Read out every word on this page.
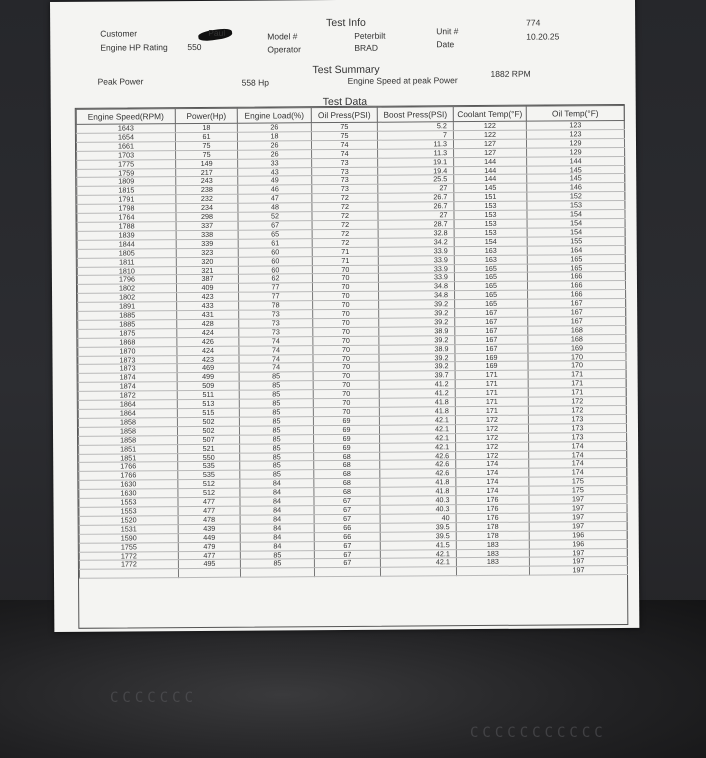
CCCCCCC
CCCCCCCCCCC
Test Info
Customer	Paul
Engine HP Rating 550
Model #	Peterbilt
Operator	BRAD
Unit #
Date
774
10.20.25
Test Summary
Peak Power	558 Hp	Engine Speed at peak Power
1882 RPM
Test Data
Engine Speed(RPM)	Power(Hp)	Engine Load(%)	Oil Press(PSI)	Boost Press(PSI)	Coolant Temp(°F)	Oil Temp(°F)
1643	18	26	75	5.2	122	123
1654	61	18	75	7	122	123
1661	75	26	74	11.3	127	129
1703	75	26	74	11.3	127	129
1775	149	33	73	19.1	144	144
1759	217	43	73	19.4	144	145
1809	243	49	73	25.5	144	145
1815	238	46	73	27	145	146
1791	232	47	72	26.7	151	152
1798	234	48	72	26.7	153	153
1764	298	52	72	27	153	154
1788	337	67	72	28.7	153	154
1839	338	65	72	32.8	153	154
1844	339	61	72	34.2	154	155
1805	323	60	71	33.9	163	164
1811	320	60	71	33.9	163	165
1810	321	60	70	33.9	165	165
1796	387	62	70	33.9	165	166
1802	409	77	70	34.8	165	166
1802	423	77	70	34.8	165	166
1891	433	78	70	39.2	165	167
1885	431	73	70	39.2	167	167
1885	428	73	70	39.2	167	167
1875	424	73	70	38.9	167	168
1868	426	74	70	39.2	167	168
1870	424	74	70	38.9	167	169
1873	423	74	70	39.2	169	170
1873	469	74	70	39.2	169	170
1874	499	85	70	39.7	171	171
1874	509	85	70	41.2	171	171
1872	511	85	70	41.2	171	171
1864	513	85	70	41.8	171	172
1864	515	85	70	41.8	171	172
1858	502	85	69	42.1	172	173
1858	502	85	69	42.1	172	173
1858	507	85	69	42.1	172	173
1851	521	85	69	42.1	172	174
1851	550	85	68	42.6	172	174
1766	535	85	68	42.6	174	174
1766	535	85	68	42.6	174	174
1630	512	84	68	41.8	174	175
1630	512	84	68	41.8	174	175
1553	477	84	67	40.3	176	197
1553	477	84	67	40.3	176	197
1520	478	84	67	40	176	197
1531	439	84	66	39.5	178	197
1590	449	84	66	39.5	178	196
1755	479	84	67	41.5	183	196
1772	477	85	67	42.1	183	197
1772	495	85	67	42.1	183	197
						197
